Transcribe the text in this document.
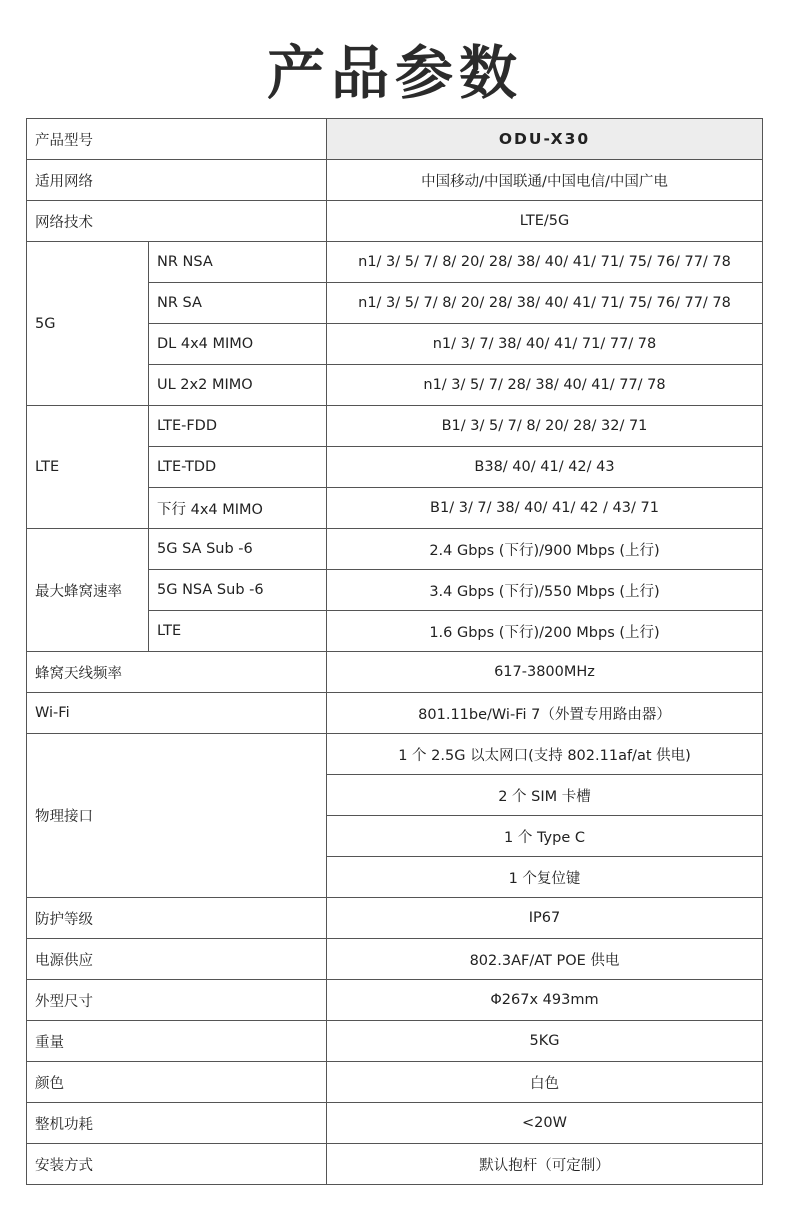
产品参数
产品型号		ODU-X30
适用网络		中国移动/中国联通/中国电信/中国广电
网络技术		LTE/5G
5G	NR NSA	n1/ 3/ 5/ 7/ 8/ 20/ 28/ 38/ 40/ 41/ 71/ 75/ 76/ 77/ 78
	NR SA	n1/ 3/ 5/ 7/ 8/ 20/ 28/ 38/ 40/ 41/ 71/ 75/ 76/ 77/ 78
	DL 4x4 MIMO	n1/ 3/ 7/ 38/ 40/ 41/ 71/ 77/ 78
	UL 2x2 MIMO	n1/ 3/ 5/ 7/ 28/ 38/ 40/ 41/ 77/ 78
LTE	LTE-FDD	B1/ 3/ 5/ 7/ 8/ 20/ 28/ 32/ 71
	LTE-TDD	B38/ 40/ 41/ 42/ 43
	下行 4x4 MIMO	B1/ 3/ 7/ 38/ 40/ 41/ 42 / 43/ 71
最大蜂窝速率	5G SA Sub -6	2.4 Gbps (下行)/900 Mbps (上行)
	5G NSA Sub -6	3.4 Gbps (下行)/550 Mbps (上行)
	LTE	1.6 Gbps (下行)/200 Mbps (上行)
蜂窝天线频率		617-3800MHz
Wi-Fi		801.11be/Wi-Fi 7（外置专用路由器）
物理接口		1 个 2.5G 以太网口(支持 802.11af/at 供电)
		2 个 SIM 卡槽
		1 个 Type C
		1 个复位键
防护等级		IP67
电源供应		802.3AF/AT POE 供电
外型尺寸		Φ267x 493mm
重量		5KG
颜色		白色
整机功耗		<20W
安装方式		默认抱杆（可定制）
